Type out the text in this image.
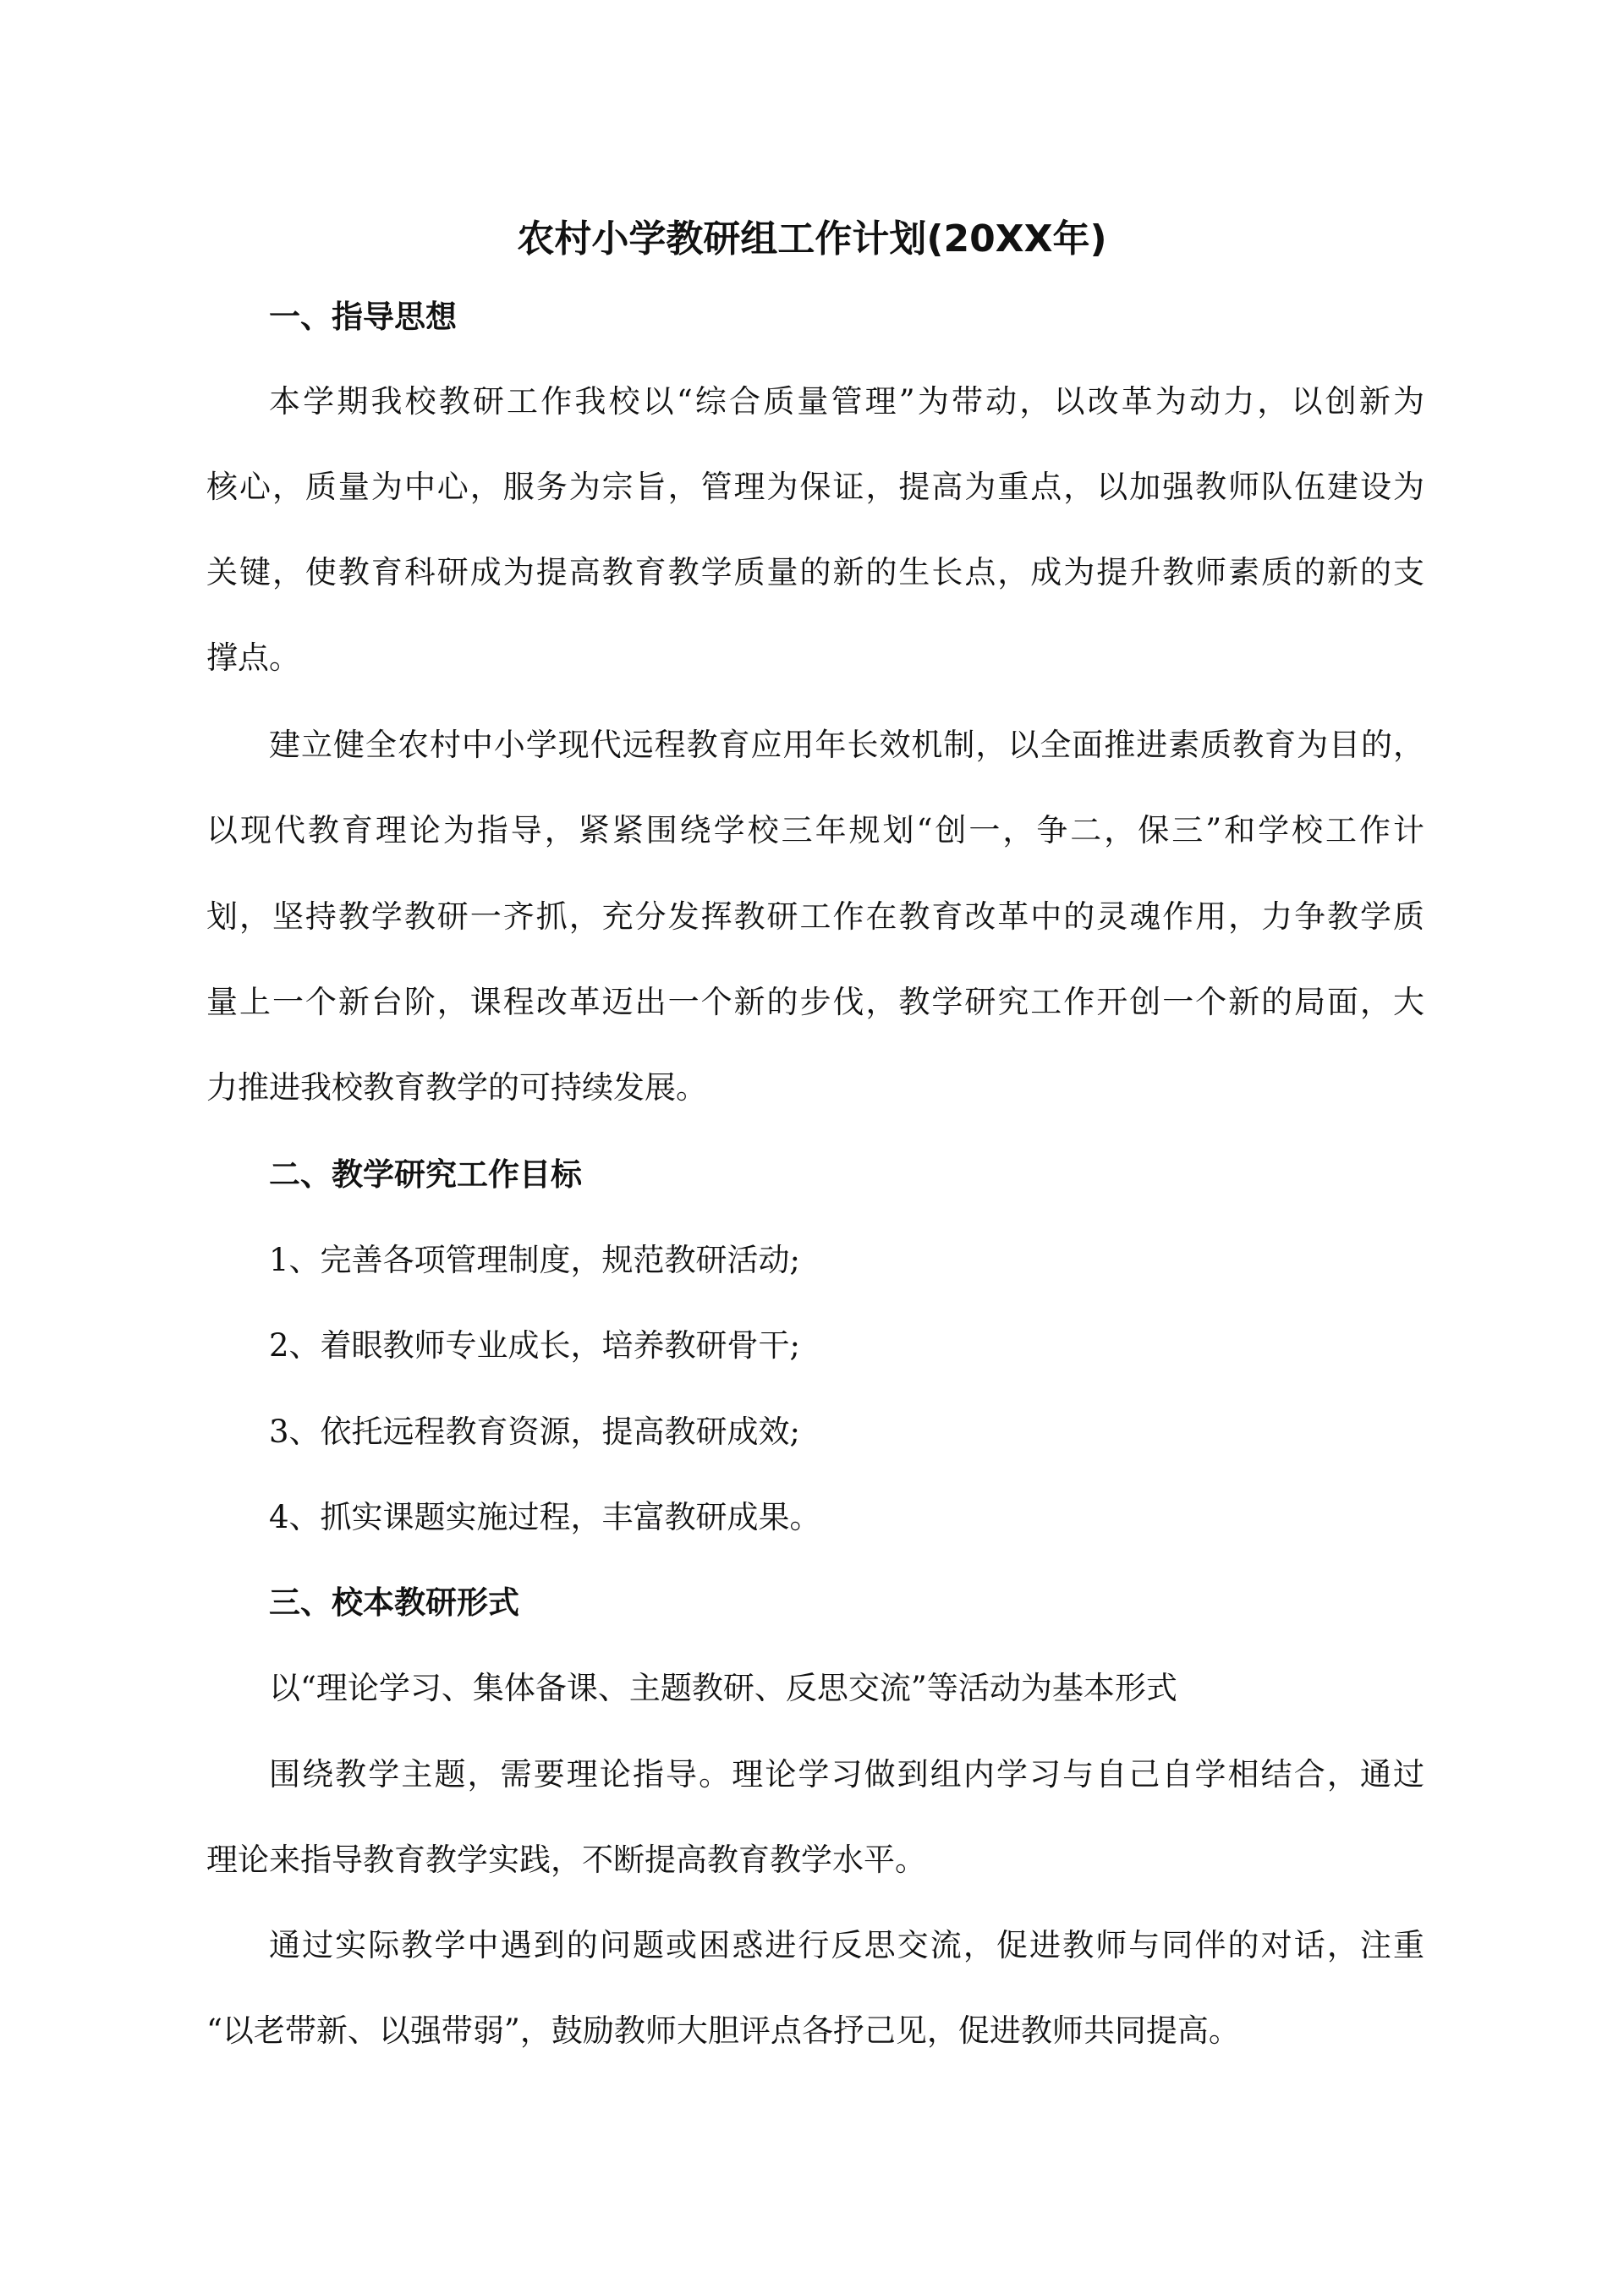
农村小学教研组工作计划(20XX年)
一、指导思想
本学期我校教研工作我校以“综合质量管理”为带动，以改革为动力，以创新为
核心，质量为中心，服务为宗旨，管理为保证，提高为重点，以加强教师队伍建设为
关键，使教育科研成为提高教育教学质量的新的生长点，成为提升教师素质的新的支
撑点。
建立健全农村中小学现代远程教育应用年长效机制，以全面推进素质教育为目的，
以现代教育理论为指导，紧紧围绕学校三年规划“创一，争二，保三”和学校工作计
划，坚持教学教研一齐抓，充分发挥教研工作在教育改革中的灵魂作用，力争教学质
量上一个新台阶，课程改革迈出一个新的步伐，教学研究工作开创一个新的局面，大
力推进我校教育教学的可持续发展。
二、教学研究工作目标
1、完善各项管理制度，规范教研活动;
2、着眼教师专业成长，培养教研骨干;
3、依托远程教育资源，提高教研成效;
4、抓实课题实施过程，丰富教研成果。
三、校本教研形式
以“理论学习、集体备课、主题教研、反思交流”等活动为基本形式
围绕教学主题，需要理论指导。理论学习做到组内学习与自己自学相结合，通过
理论来指导教育教学实践，不断提高教育教学水平。
通过实际教学中遇到的问题或困惑进行反思交流，促进教师与同伴的对话，注重
“以老带新、以强带弱”，鼓励教师大胆评点各抒己见，促进教师共同提高。
